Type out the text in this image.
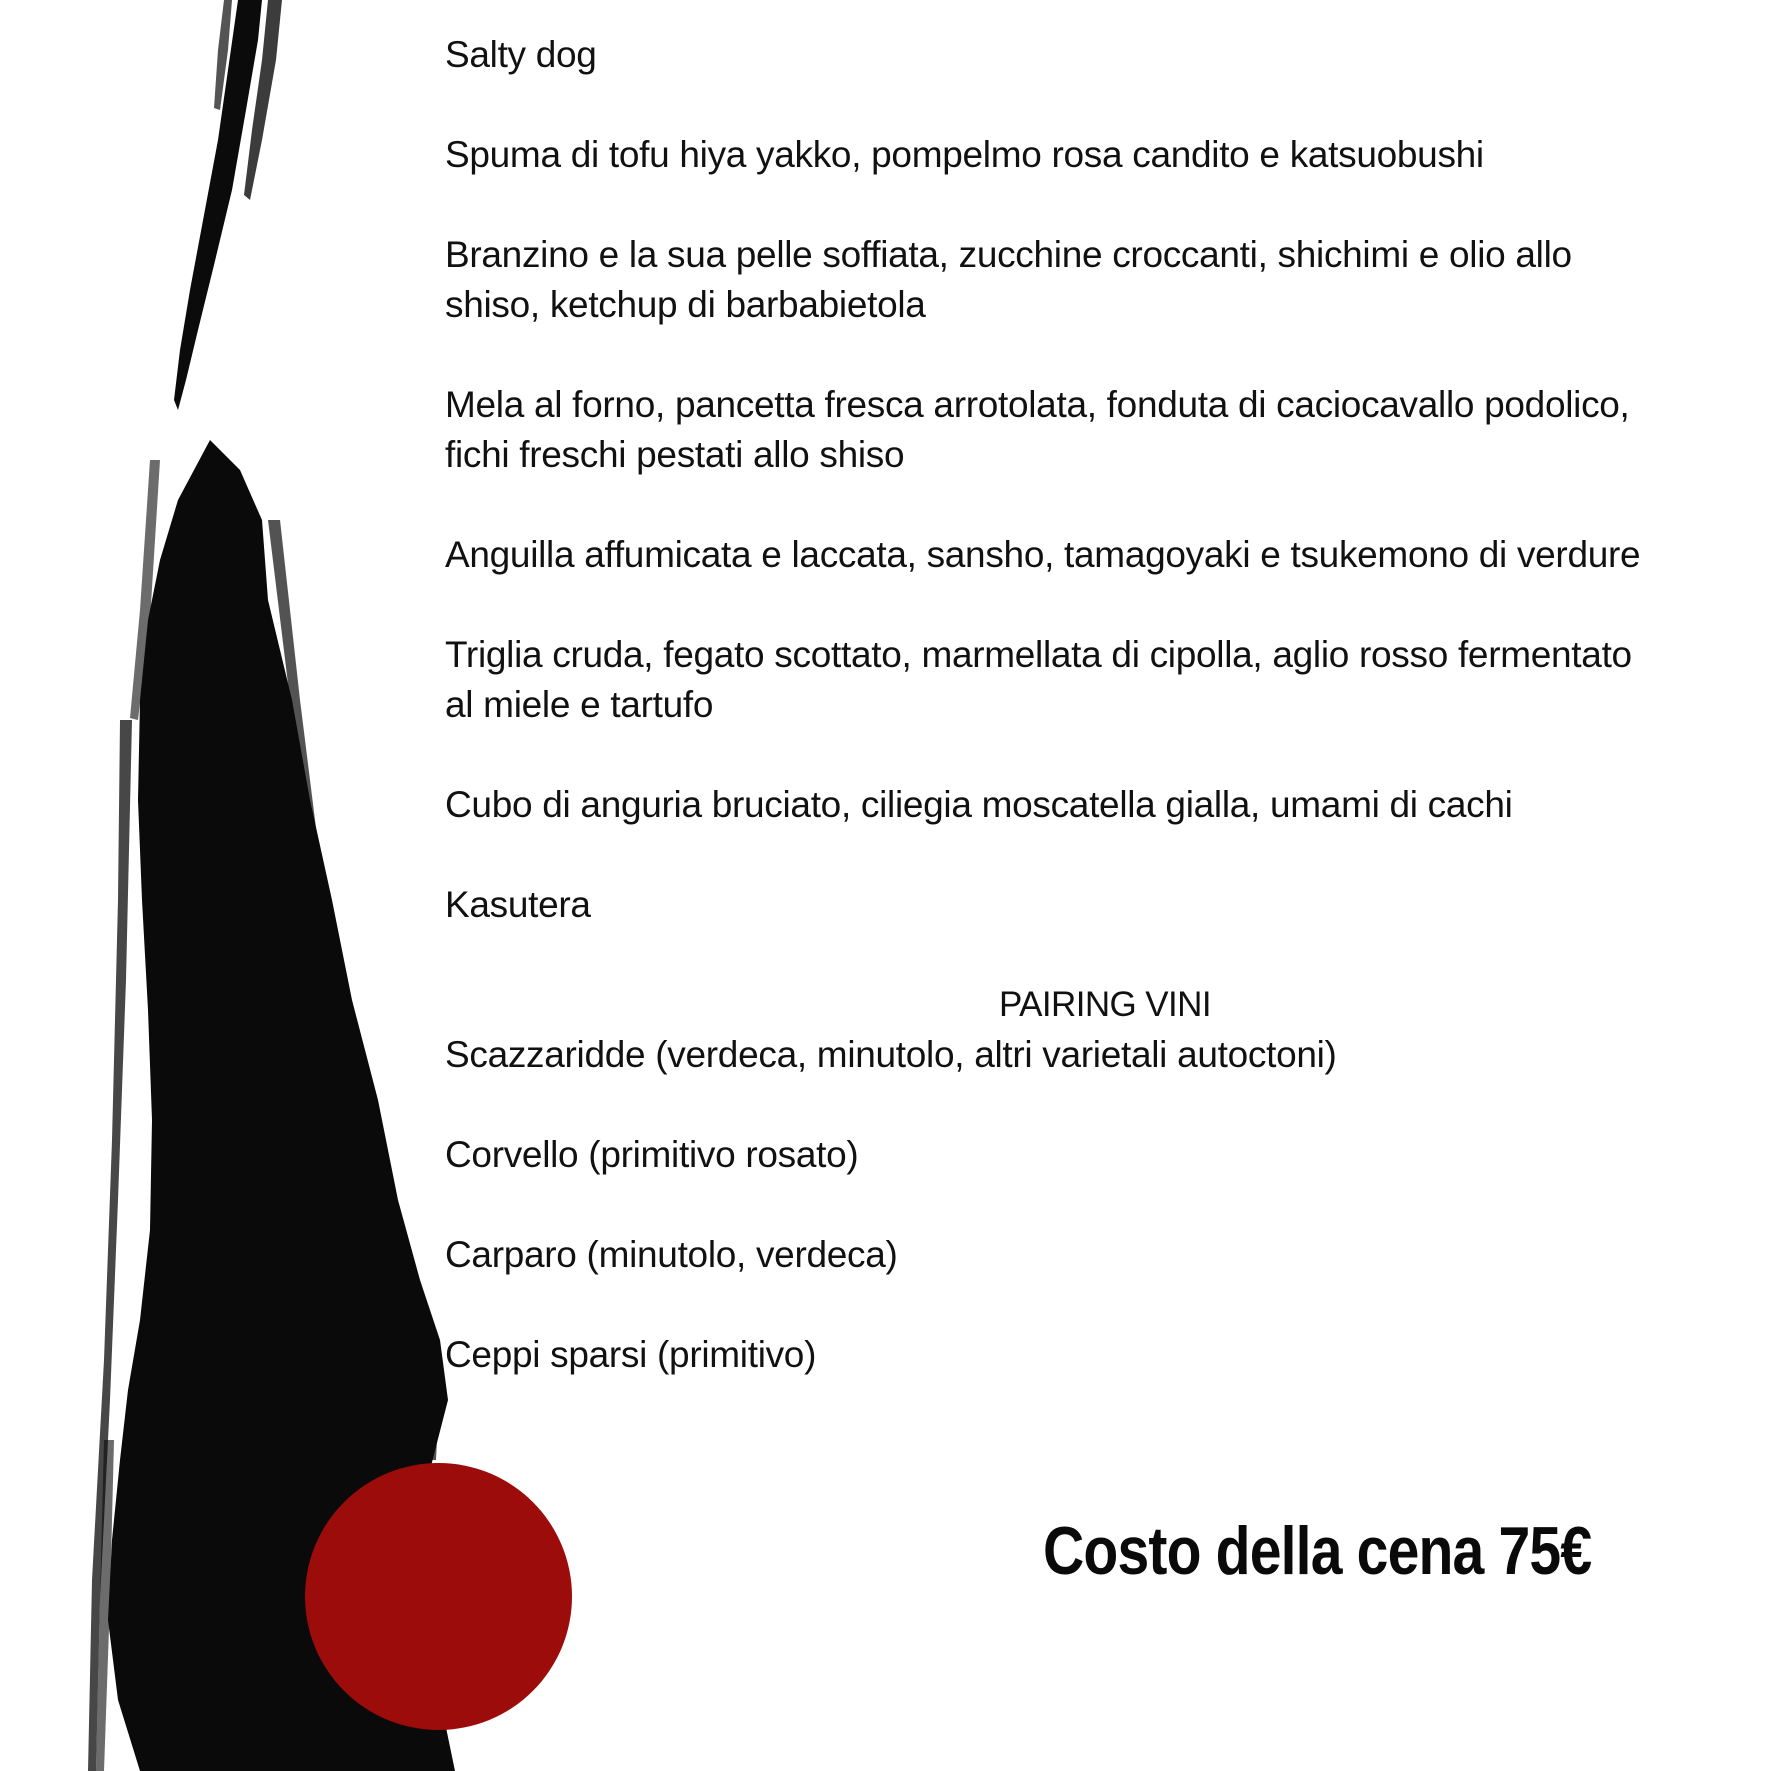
Salty dog

Spuma di tofu hiya yakko, pompelmo rosa candito e katsuobushi

Branzino e la sua pelle soffiata, zucchine croccanti, shichimi e olio allo shiso, ketchup di barbabietola

Mela al forno, pancetta fresca arrotolata, fonduta di caciocavallo podolico, fichi freschi pestati allo shiso

Anguilla affumicata e laccata, sansho, tamagoyaki e tsukemono di verdure

Triglia cruda, fegato scottato, marmellata di cipolla, aglio rosso fermentato al miele e tartufo

Cubo di anguria bruciato, ciliegia moscatella gialla, umami di cachi

Kasutera

PAIRING VINI

Scazzaridde (verdeca, minutolo, altri varietali autoctoni)

Corvello (primitivo rosato)

Carparo (minutolo, verdeca)

Ceppi sparsi (primitivo)

Costo della cena 75€
